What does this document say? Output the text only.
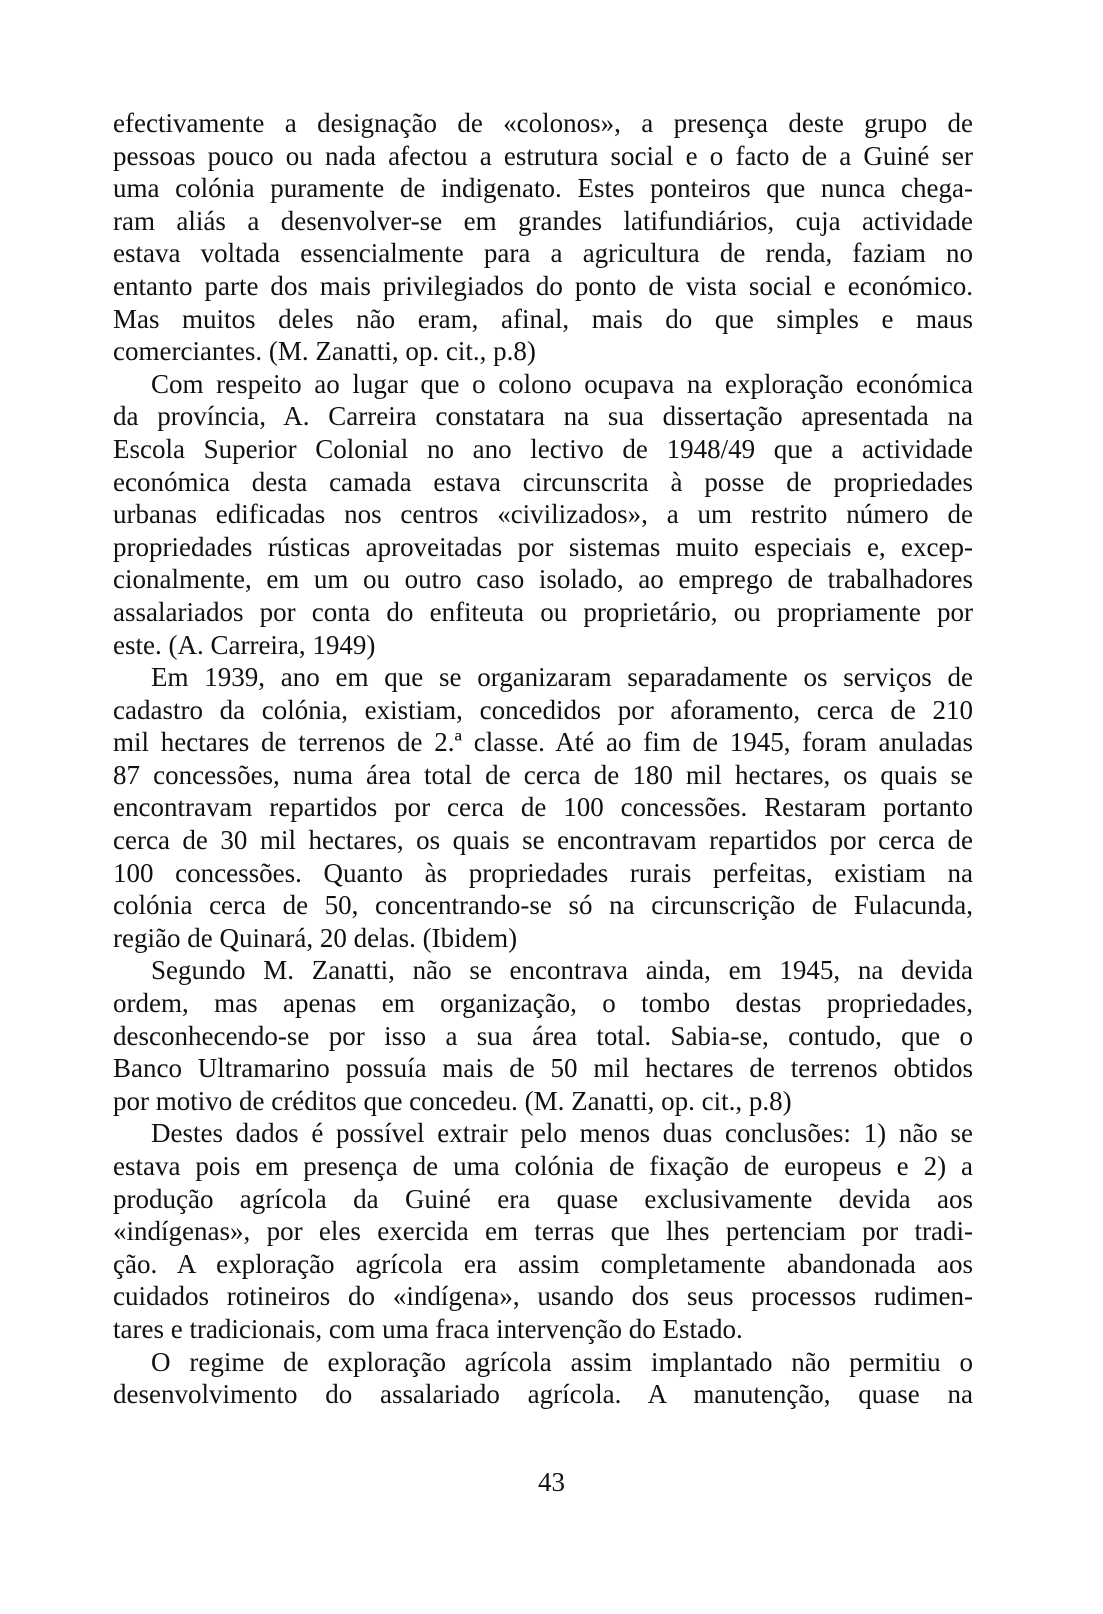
efectivamente a designação de «colonos», a presença deste grupo de
pessoas pouco ou nada afectou a estrutura social e o facto de a Guiné ser
uma colónia puramente de indigenato. Estes ponteiros que nunca chega-
ram aliás a desenvolver-se em grandes latifundiários, cuja actividade
estava voltada essencialmente para a agricultura de renda, faziam no
entanto parte dos mais privilegiados do ponto de vista social e económico.
Mas muitos deles não eram, afinal, mais do que simples e maus
comerciantes. (M. Zanatti, op. cit., p.8)
Com respeito ao lugar que o colono ocupava na exploração económica
da província, A. Carreira constatara na sua dissertação apresentada na
Escola Superior Colonial no ano lectivo de 1948/49 que a actividade
económica desta camada estava circunscrita à posse de propriedades
urbanas edificadas nos centros «civilizados», a um restrito número de
propriedades rústicas aproveitadas por sistemas muito especiais e, excep-
cionalmente, em um ou outro caso isolado, ao emprego de trabalhadores
assalariados por conta do enfiteuta ou proprietário, ou propriamente por
este. (A. Carreira, 1949)
Em 1939, ano em que se organizaram separadamente os serviços de
cadastro da colónia, existiam, concedidos por aforamento, cerca de 210
mil hectares de terrenos de 2.ª classe. Até ao fim de 1945, foram anuladas
87 concessões, numa área total de cerca de 180 mil hectares, os quais se
encontravam repartidos por cerca de 100 concessões. Restaram portanto
cerca de 30 mil hectares, os quais se encontravam repartidos por cerca de
100 concessões. Quanto às propriedades rurais perfeitas, existiam na
colónia cerca de 50, concentrando-se só na circunscrição de Fulacunda,
região de Quinará, 20 delas. (Ibidem)
Segundo M. Zanatti, não se encontrava ainda, em 1945, na devida
ordem, mas apenas em organização, o tombo destas propriedades,
desconhecendo-se por isso a sua área total. Sabia-se, contudo, que o
Banco Ultramarino possuía mais de 50 mil hectares de terrenos obtidos
por motivo de créditos que concedeu. (M. Zanatti, op. cit., p.8)
Destes dados é possível extrair pelo menos duas conclusões: 1) não se
estava pois em presença de uma colónia de fixação de europeus e 2) a
produção agrícola da Guiné era quase exclusivamente devida aos
«indígenas», por eles exercida em terras que lhes pertenciam por tradi-
ção. A exploração agrícola era assim completamente abandonada aos
cuidados rotineiros do «indígena», usando dos seus processos rudimen-
tares e tradicionais, com uma fraca intervenção do Estado.
O regime de exploração agrícola assim implantado não permitiu o
desenvolvimento do assalariado agrícola. A manutenção, quase na
43
